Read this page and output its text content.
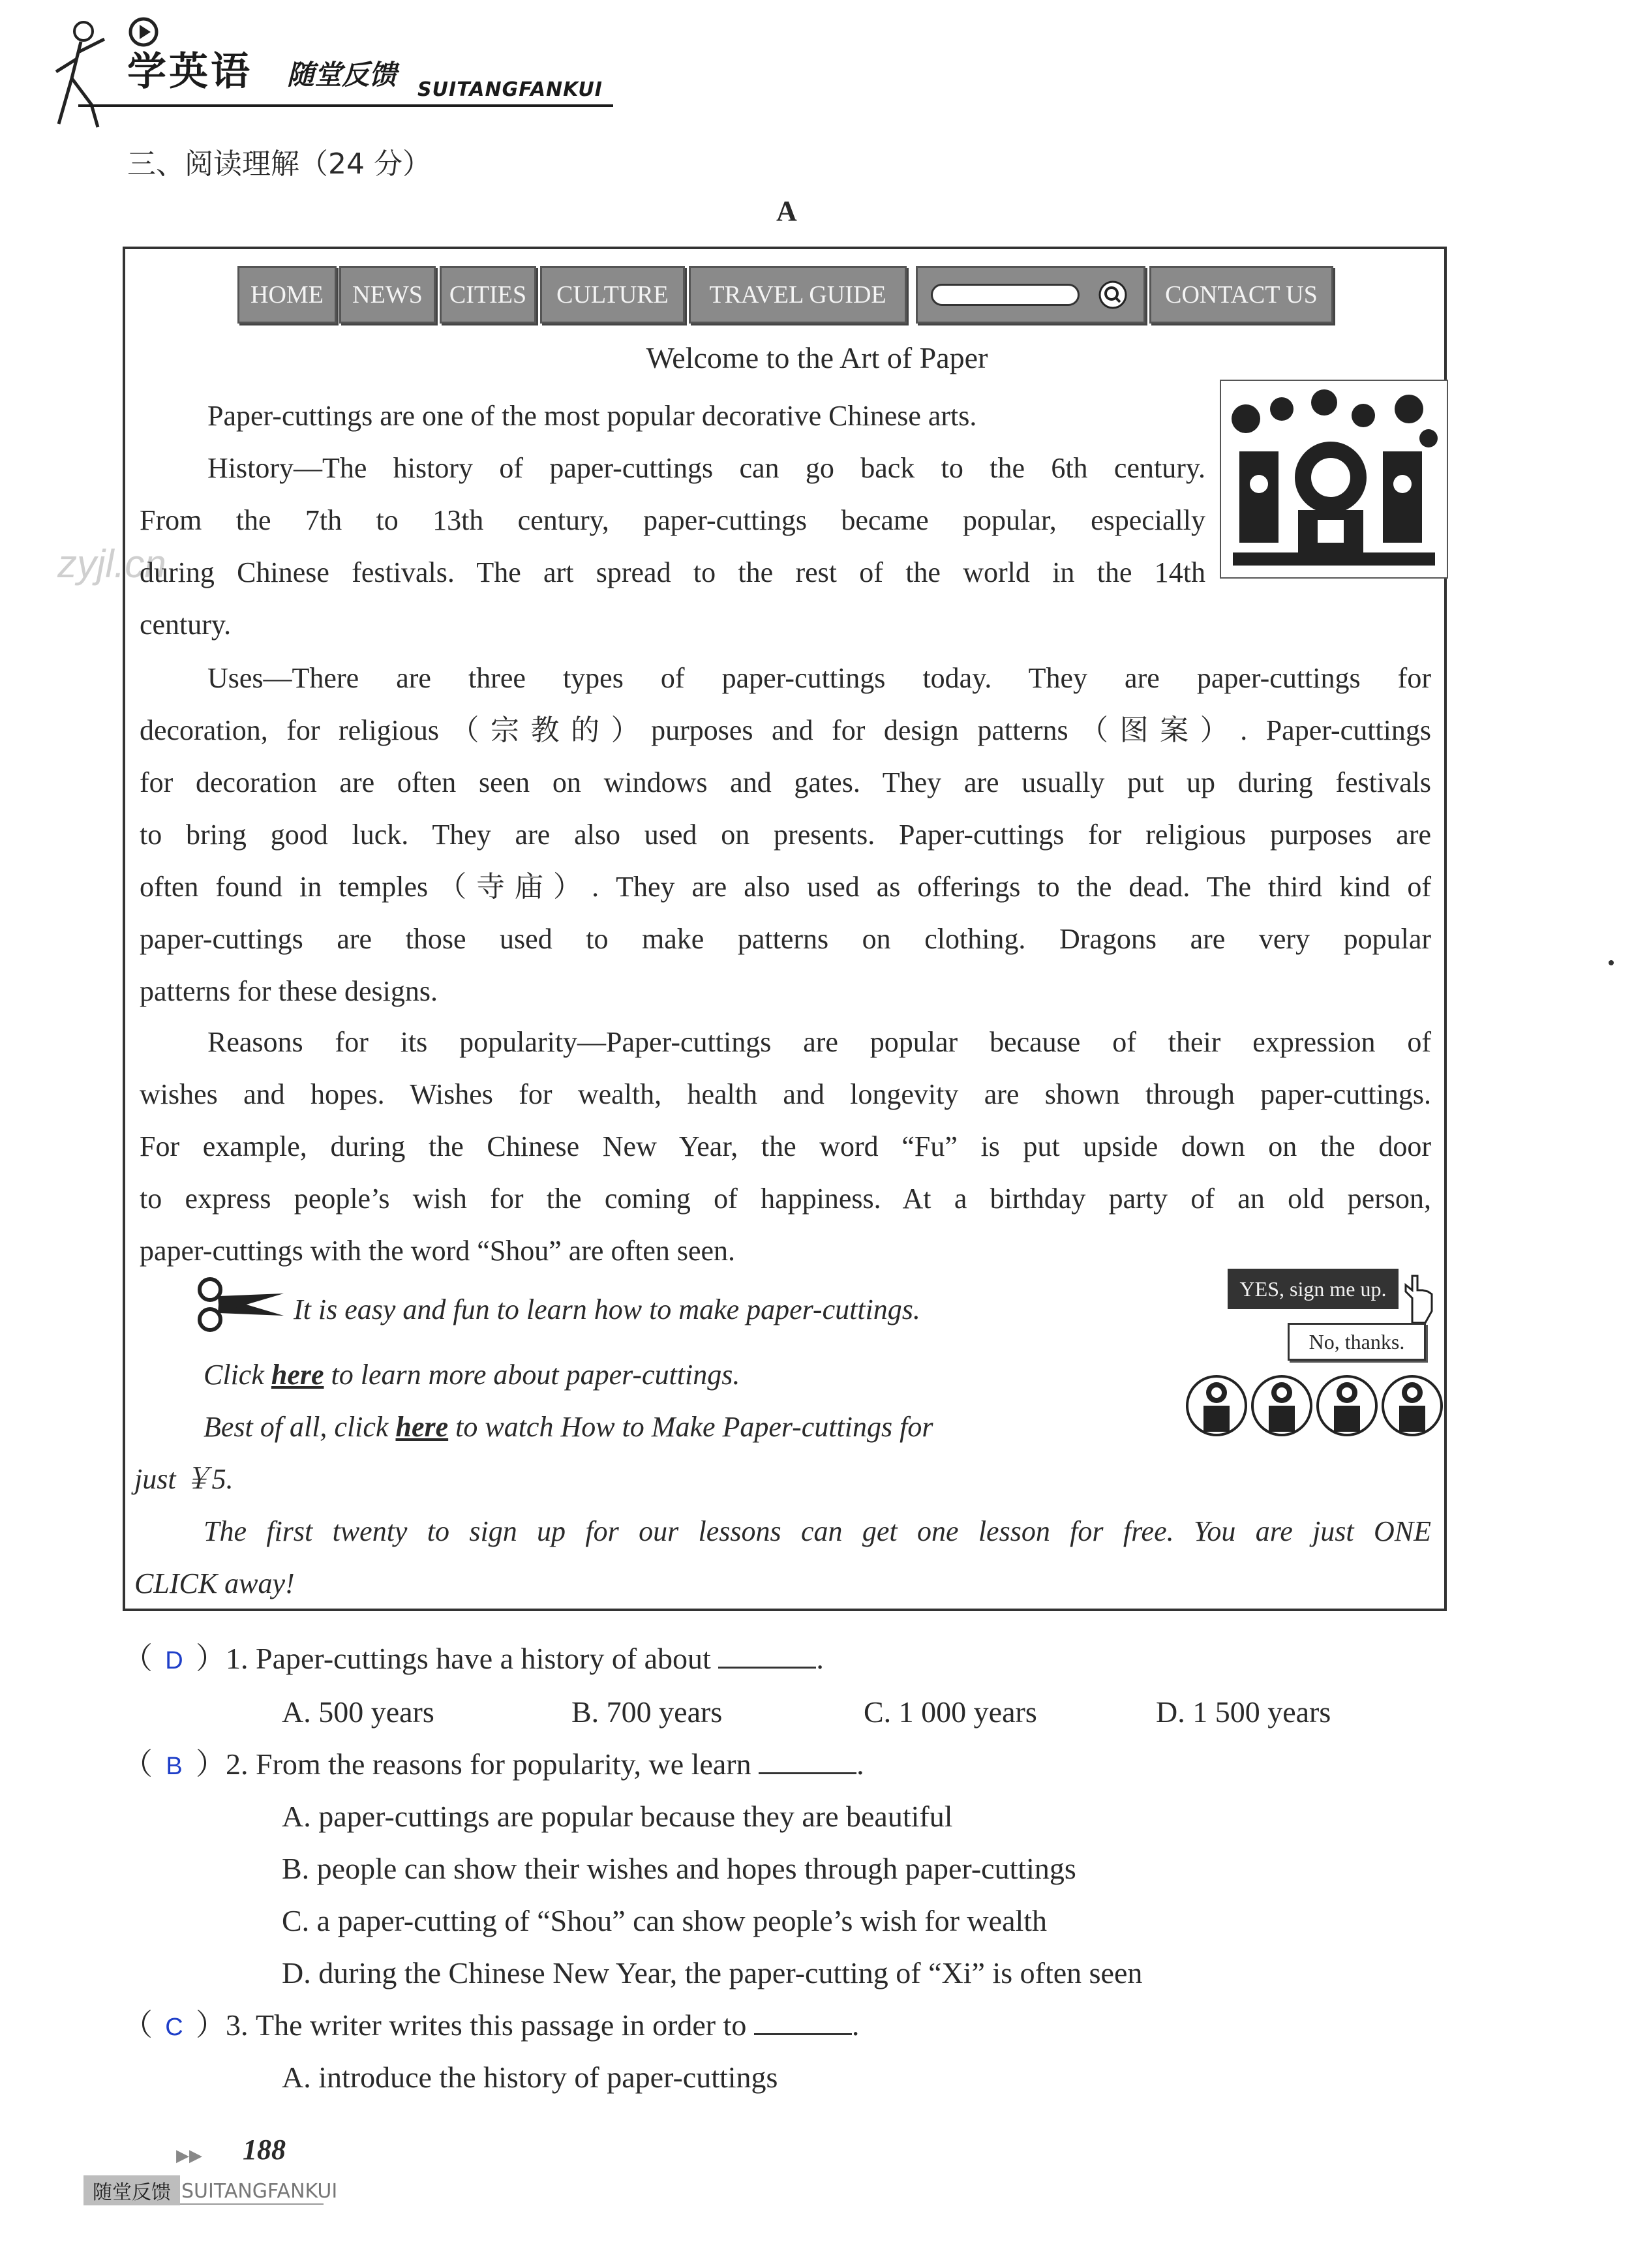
学英语 随堂反馈 SUITANGFANKUI
三、阅读理解（24 分）
A
zyjl.cn
HOME	NEWS	CITIES	CULTURE	TRAVEL GUIDE	CONTACT US
Welcome to the Art of Paper
Paper-cuttings are one of the most popular decorative Chinese arts.
History—The history of paper-cuttings can go back to the 6th century.
From the 7th to 13th century, paper-cuttings became popular, especially
during Chinese festivals. The art spread to the rest of the world in the 14th
century.
Uses—There are three types of paper-cuttings today. They are paper-cuttings for
decoration, for religious（宗教的）purposes and for design patterns（图案）. Paper-cuttings
for decoration are often seen on windows and gates. They are usually put up during festivals
to bring good luck. They are also used on presents. Paper-cuttings for religious purposes are
often found in temples（寺庙）. They are also used as offerings to the dead. The third kind of
paper-cuttings are those used to make patterns on clothing. Dragons are very popular
patterns for these designs.
Reasons for its popularity—Paper-cuttings are popular because of their expression of
wishes and hopes. Wishes for wealth, health and longevity are shown through paper-cuttings.
For example, during the Chinese New Year, the word “Fu” is put upside down on the door
to express people’s wish for the coming of happiness. At a birthday party of an old person,
paper-cuttings with the word “Shou” are often seen.
It is easy and fun to learn how to make paper-cuttings.
Click here to learn more about paper-cuttings.
Best of all, click here to watch How to Make Paper-cuttings for
just ￥5.
The first twenty to sign up for our lessons can get one lesson for free. You are just ONE
CLICK away!
YES, sign me up.
No, thanks.
（ D ）1. Paper-cuttings have a history of about	.
A. 500 years	B. 700 years	C. 1 000 years	D. 1 500 years
（ B ）2. From the reasons for popularity, we learn	.
A. paper-cuttings are popular because they are beautiful
B. people can show their wishes and hopes through paper-cuttings
C. a paper-cutting of “Shou” can show people’s wish for wealth
D. during the Chinese New Year, the paper-cutting of “Xi” is often seen
（ C ）3. The writer writes this passage in order to	.
A. introduce the history of paper-cuttings
▶▶ 188
随堂反馈 SUITANGFANKUI
